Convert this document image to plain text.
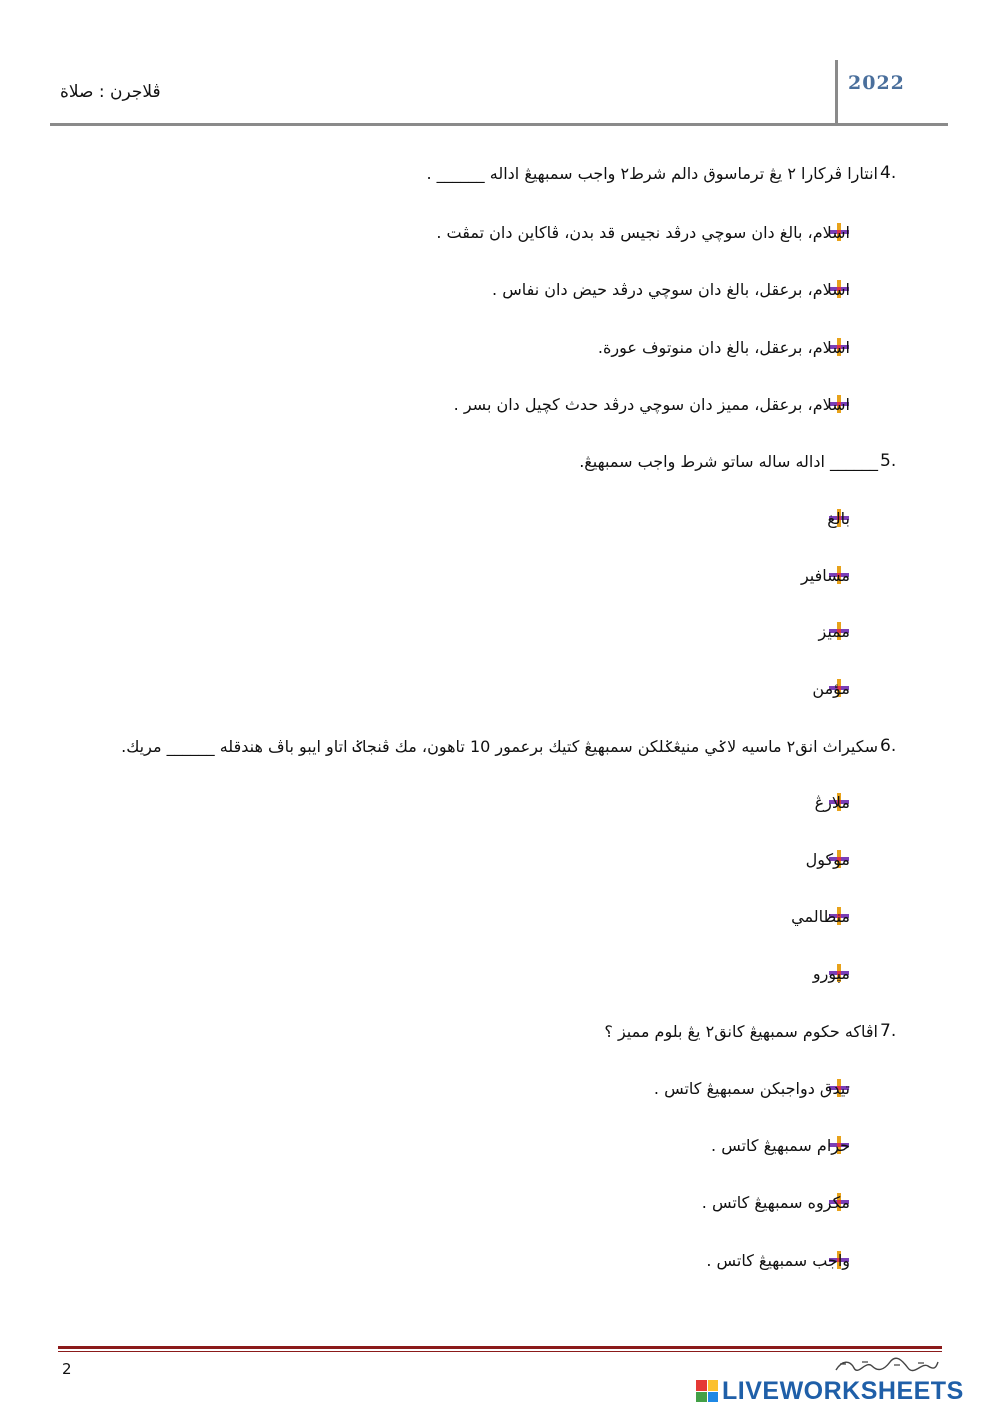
2022
ڤلاجرن : صلاة
4.
انتارا ڤركارا ٢ يڠ ترماسوق دالم شرط٢ واجب سمبهيڠ اداله ______ .
اسلام، بالغ دان سوچي درڤد نجيس قد بدن، ڤاكاين دان تمڤت .
اسلام، برعقل، بالغ دان سوچي درڤد حيض دان نفاس .
اسلام، برعقل، بالغ دان منوتوف عورة.
اسلام، برعقل، مميز دان سوچي درڤد حدث كچيل دان بسر .
5.
______ اداله ساله ساتو شرط واجب سمبهيڠ.
بالغ
مسافير
مميز
مؤمن
6.
سكيراث انق٢ ماسيه لاݢي منيڠݢلكن سمبهيڠ كتيك برعمور 10 تاهون، مك ڤنجاݢ اتاو ايبو باڤ هندقله ______ مريك.
ملارڠ
موكول
منظالمي
مپورو
7.
اڤاكه حكوم سمبهيڠ كانق٢ يڠ بلوم مميز ؟
تيدق دواجبكن سمبهيڠ كاتس .
حرام سمبهيڠ كاتس .
مكروه سمبهيڠ كاتس .
واجب سمبهيڠ كاتس .
2
LIVEWORKSHEETS
